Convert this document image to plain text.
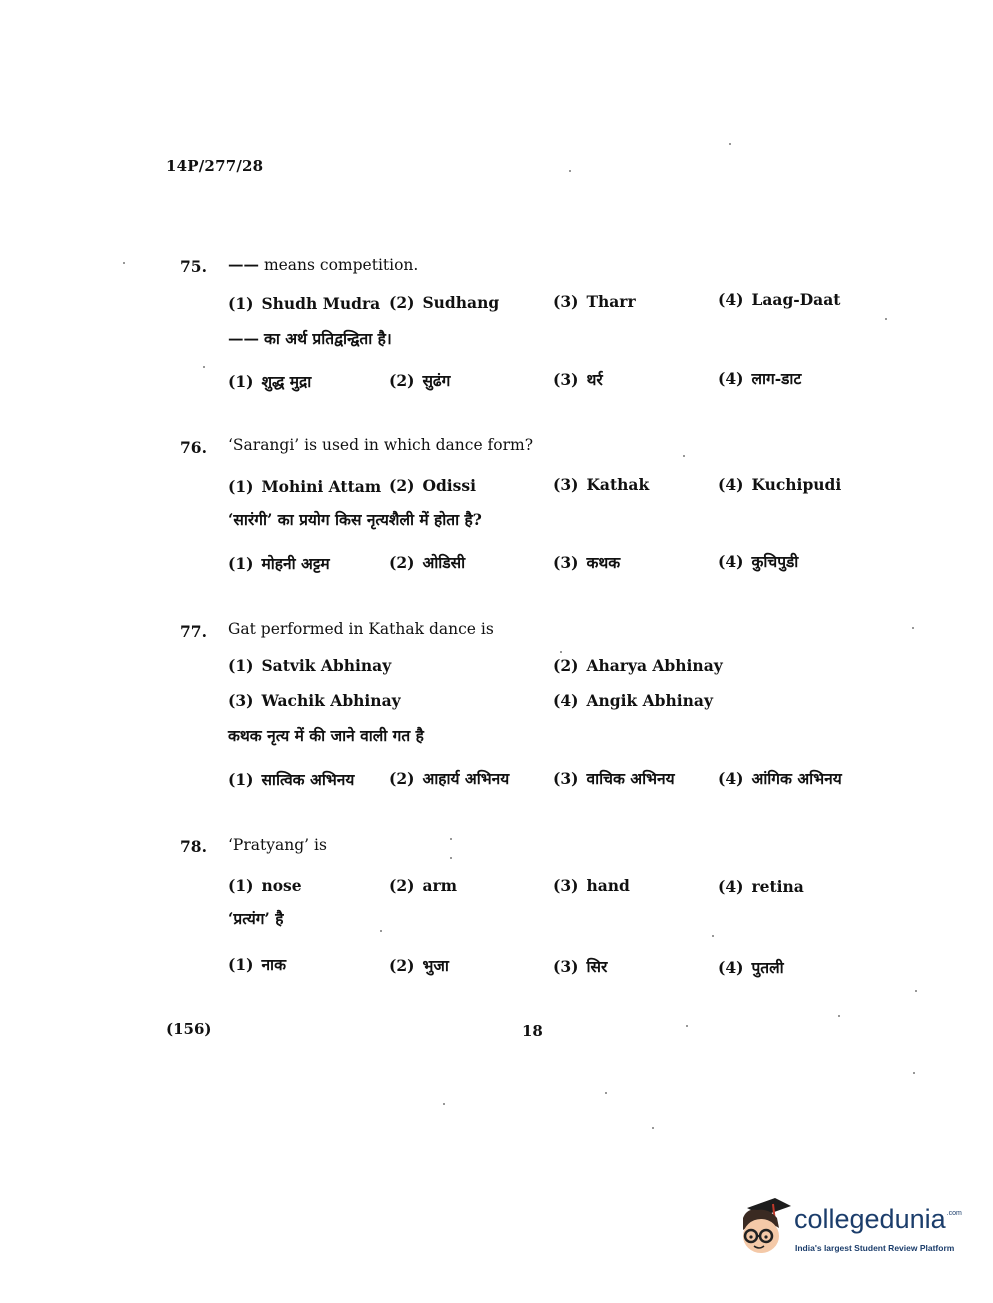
14P/277/28
75. —— means competition.
(1) Shudh Mudra (2) Sudhang	(3) Tharr	(4) Laag-Daat
—— का अर्थ प्रतिद्वन्द्विता है।
(1) शुद्ध मुद्रा	(2) सुढंग	(3) थर्र	(4) लाग-डाट
76. ‘Sarangi’ is used in which dance form?
(1) Mohini Attam (2) Odissi	(3) Kathak	(4) Kuchipudi
‘सारंगी’ का प्रयोग किस नृत्यशैली में होता है?
(1) मोहनी अट्टम	(2) ओडिसी	(3) कथक	(4) कुचिपुडी
77. Gat performed in Kathak dance is
(1) Satvik Abhinay	(2) Aharya Abhinay
(3) Wachik Abhinay	(4) Angik Abhinay
कथक नृत्य में की जाने वाली गत है
(1) सात्विक अभिनय (2) आहार्य अभिनय	(3) वाचिक अभिनय	(4) आंगिक अभिनय
78. ‘Pratyang’ is
(1) nose	(2) arm	(3) hand	(4) retina
‘प्रत्यंग’ है
(1) नाक	(2) भुजा	(3) सिर	(4) पुतली
(156)	18
collegedunia$^{.com}$
India's largest Student Review Platform
